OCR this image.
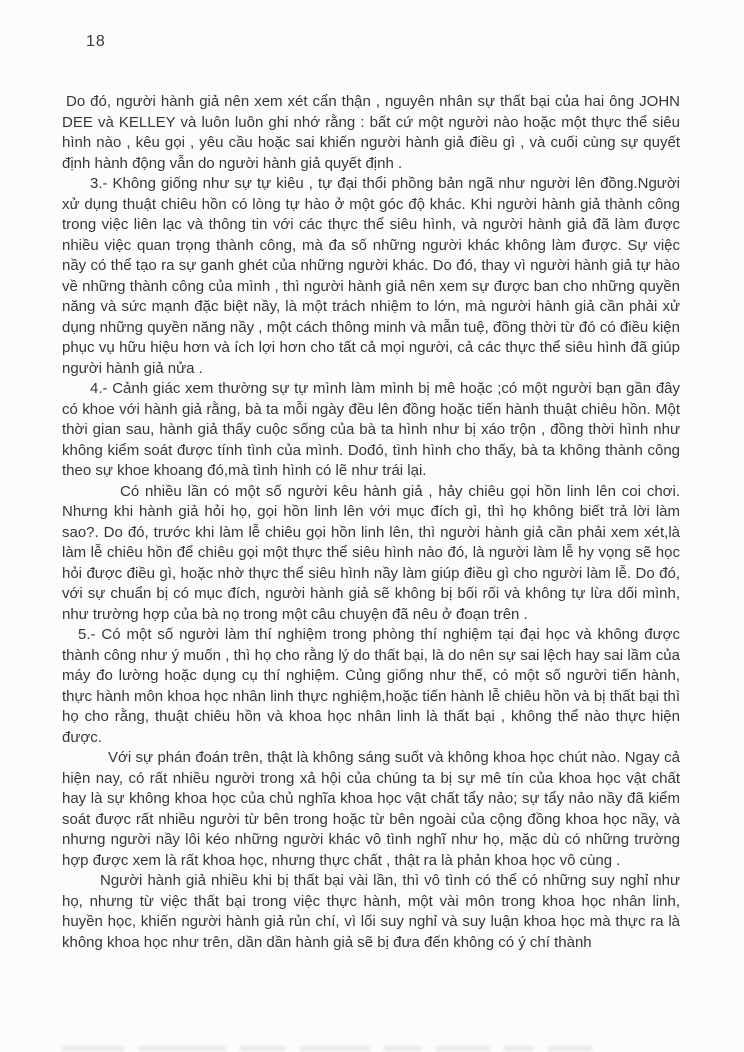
18

Do đó, người hành giả nên xem xét cẩn thận , nguyên nhân sự thất bại của hai ông JOHN DEE và KELLEY và luôn luôn ghi nhớ rằng : bất cứ một người nào hoặc một thực thể siêu hình nào , kêu gọi , yêu cầu hoặc sai khiến người hành giả điều gì , và cuối cùng sự quyết định hành động vẫn do người hành giả quyết định .

3.- Không giống như sự tự kiêu , tự đại thổi phồng bản ngã như người lên đồng.Người xử dụng thuật chiêu hồn có lòng tự hào ở một góc độ khác. Khi người hành giả thành công trong việc liên lạc và thông tin với các thực thể siêu hình, và người hành giả đã làm được nhiều việc quan trọng thành công, mà đa số những người khác không làm được. Sự việc nầy có thể tạo ra sự ganh ghét của những người khác. Do đó, thay vì người hành giả tự hào về những thành công của mình , thì người hành giả nên xem sự được ban cho những quyền năng và sức mạnh đặc biệt nầy, là một trách nhiệm to lớn, mà người hành giả cần phải xử dụng những quyền năng nầy , một cách thông minh và mẫn tuệ, đồng thời từ đó có điều kiện phục vụ hữu hiệu hơn và ích lợi hơn cho tất cả mọi người, cả các thực thể siêu hình đã giúp người hành giả nửa .

4.- Cảnh giác xem thường sự tự mình làm mình bị mê hoặc ;có một người bạn gần đây có khoe với hành giả rằng, bà ta mỗi ngày đều lên đồng hoặc tiến hành thuật chiêu hồn. Một thời gian sau, hành giả thấy cuộc sống của bà ta hình như bị xáo trộn , đồng thời hình như không kiểm soát được tính tình của mình. Dođó, tình hình cho thấy, bà ta không thành công theo sự khoe khoang đó,mà tình hình có lẽ như trái lại.

Có nhiều lần có một số người kêu hành giả , hảy chiêu gọi hồn linh lên coi chơi. Nhưng khi hành giả hỏi họ, gọi hồn linh lên với mục đích gì, thì họ không biết trả lời làm sao?. Do đó, trước khi làm lễ chiêu gọi hồn linh lên, thì người hành giả cần phải xem xét,là làm lễ chiêu hồn để chiêu gọi một thực thể siêu hình nào đó, là người làm lễ hy vọng sẽ học hỏi được điều gì, hoặc nhờ thực thể siêu hình nầy làm giúp điều gì cho người làm lễ. Do đó, với sự chuẩn bị có mục đích, người hành giả sẽ không bị bối rối và không tự lừa dối mình, như trường hợp của bà nọ trong một câu chuyện đã nêu ở đoạn trên .

5.- Có một số người làm thí nghiệm trong phòng thí nghiệm tại đại học và không được thành công như ý muốn , thì họ cho rằng lý do thất bại, là do nên sự sai lệch hay sai lầm của máy đo lường hoặc dụng cụ thí nghiệm. Củng giống như thế, có một số người tiến hành, thực hành môn khoa học nhân linh thực nghiệm,hoặc tiến hành lễ chiêu hồn và bị thất bại thì họ cho rằng, thuật chiêu hồn và khoa học nhân linh là thất bại , không thể nào thực hiện được.

Với sự phán đoán trên, thật là không sáng suốt và không khoa học chút nào. Ngay cả hiện nay, có rất nhiều người trong xả hội của chúng ta bị sự mê tín của khoa học vật chất hay là sự không khoa học của chủ nghĩa khoa học vật chất tẩy nảo; sự tẩy nảo nầy đã kiểm soát được rất nhiều người từ bên trong hoặc từ bên ngoài của cộng đồng khoa học nầy, và nhưng người nầy lôi kéo những người khác vô tình nghĩ như họ, mặc dù có những trường hợp được xem là rất khoa học, nhưng thực chất , thật ra là phản khoa học vô cùng .

Người hành giả nhiều khi bị thất bại vài lần, thì vô tình có thể có những suy nghỉ như họ, nhưng từ việc thất bại trong việc thực hành, một vài môn trong khoa học nhân linh, huyền học, khiến người hành giả rủn chí, vì lối suy nghỉ và suy luận khoa học mà thực ra là không khoa học như trên, dần dần hành giả sẽ bị đưa đến không có ý chí thành
